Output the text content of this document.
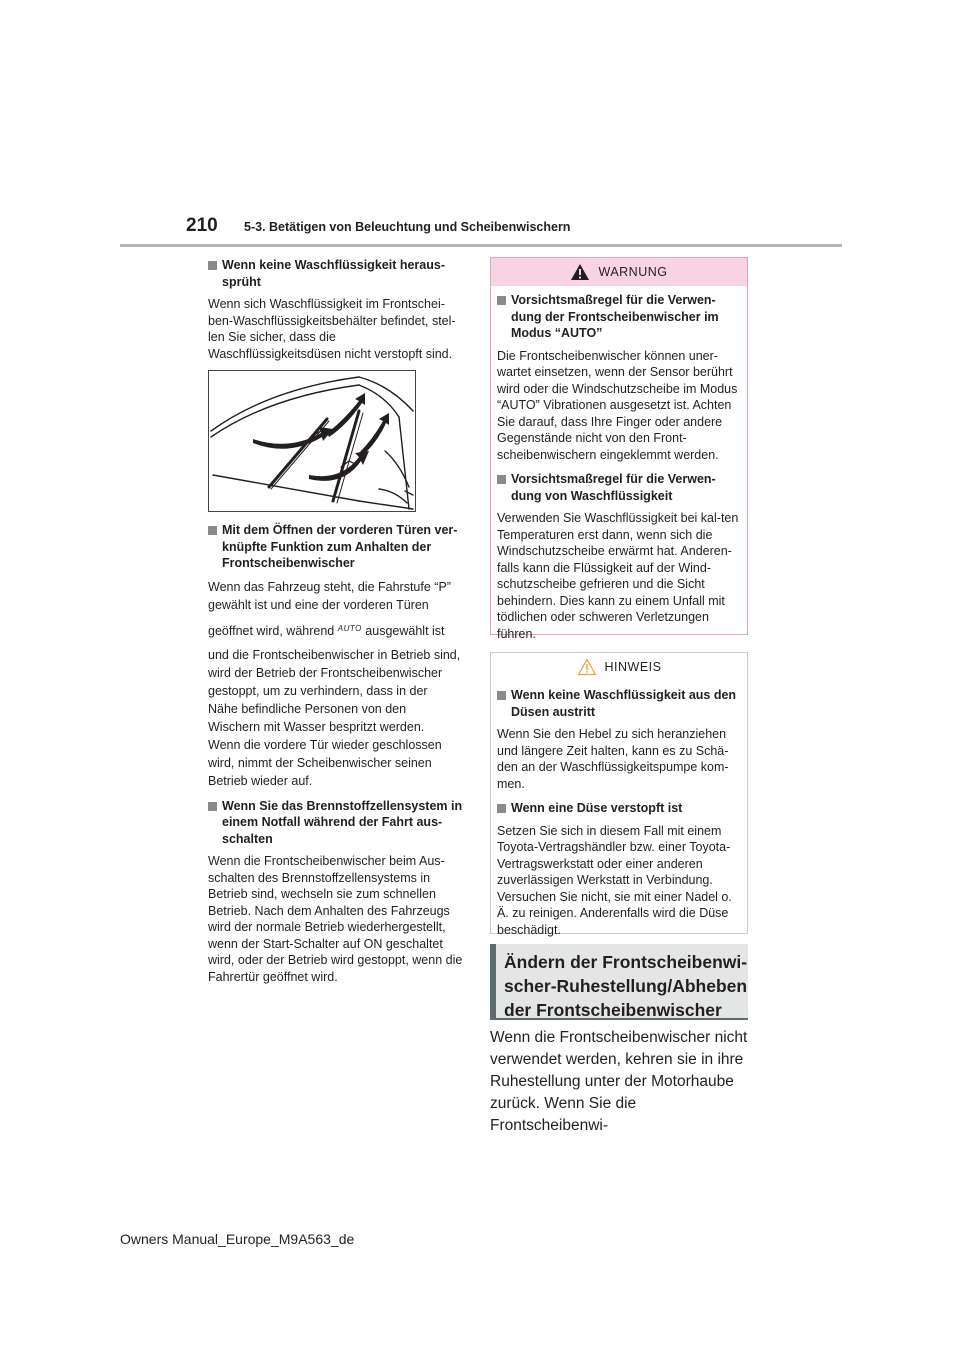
210 5-3. Betätigen von Beleuchtung und Scheibenwischern
Wenn keine Waschflüssigkeit heraus-sprüht

Wenn sich Waschflüssigkeit im Frontschei-ben-Waschflüssigkeitsbehälter befindet, stel-len Sie sicher, dass die Waschflüssigkeitsdüsen nicht verstopft sind.

Mit dem Öffnen der vorderen Türen ver-knüpfte Funktion zum Anhalten der Frontscheibenwischer
Wenn das Fahrzeug steht, die Fahrstufe “P”
gewählt ist und eine der vorderen Türen
geöffnet wird, während $^{AUTO}$ ausgewählt ist
und die Frontscheibenwischer in Betrieb sind,
wird der Betrieb der Frontscheibenwischer
gestoppt, um zu verhindern, dass in der
Nähe befindliche Personen von den
Wischern mit Wasser bespritzt werden.
Wenn die vordere Tür wieder geschlossen
wird, nimmt der Scheibenwischer seinen
Betrieb wieder auf.
Wenn Sie das Brennstoffzellensystem in einem Notfall während der Fahrt aus-schalten

Wenn die Frontscheibenwischer beim Aus-schalten des Brennstoffzellensystems in Betrieb sind, wechseln sie zum schnellen Betrieb. Nach dem Anhalten des Fahrzeugs wird der normale Betrieb wiederhergestellt, wenn der Start-Schalter auf ON geschaltet wird, oder der Betrieb wird gestoppt, wenn die Fahrertür geöffnet wird.

WARNUNG
Vorsichtsmaßregel für die Verwen-dung der Frontscheibenwischer im Modus “AUTO”

Die Frontscheibenwischer können uner-wartet einsetzen, wenn der Sensor berührt wird oder die Windschutzscheibe im Modus “AUTO” Vibrationen ausgesetzt ist. Achten Sie darauf, dass Ihre Finger oder andere Gegenstände nicht von den Front-scheibenwischern eingeklemmt werden.

Vorsichtsmaßregel für die Verwen-dung von Waschflüssigkeit

Verwenden Sie Waschflüssigkeit bei kal-ten Temperaturen erst dann, wenn sich die Windschutzscheibe erwärmt hat. Anderen-falls kann die Flüssigkeit auf der Wind-schutzscheibe gefrieren und die Sicht behindern. Dies kann zu einem Unfall mit tödlichen oder schweren Verletzungen führen.

HINWEIS
Wenn keine Waschflüssigkeit aus den Düsen austritt

Wenn Sie den Hebel zu sich heranziehen und längere Zeit halten, kann es zu Schä-den an der Waschflüssigkeitspumpe kom-men.

Wenn eine Düse verstopft ist

Setzen Sie sich in diesem Fall mit einem Toyota-Vertragshändler bzw. einer Toyota-Vertragswerkstatt oder einer anderen zuverlässigen Werkstatt in Verbindung. Versuchen Sie nicht, sie mit einer Nadel o. Ä. zu reinigen. Anderenfalls wird die Düse beschädigt.

Ändern der Frontscheibenwi-
scher-Ruhestellung/Abheben
der Frontscheibenwischer
Wenn die Frontscheibenwischer nicht
verwendet werden, kehren sie in ihre
Ruhestellung unter der Motorhaube
zurück. Wenn Sie die Frontscheibenwi-
Owners Manual_Europe_M9A563_de
